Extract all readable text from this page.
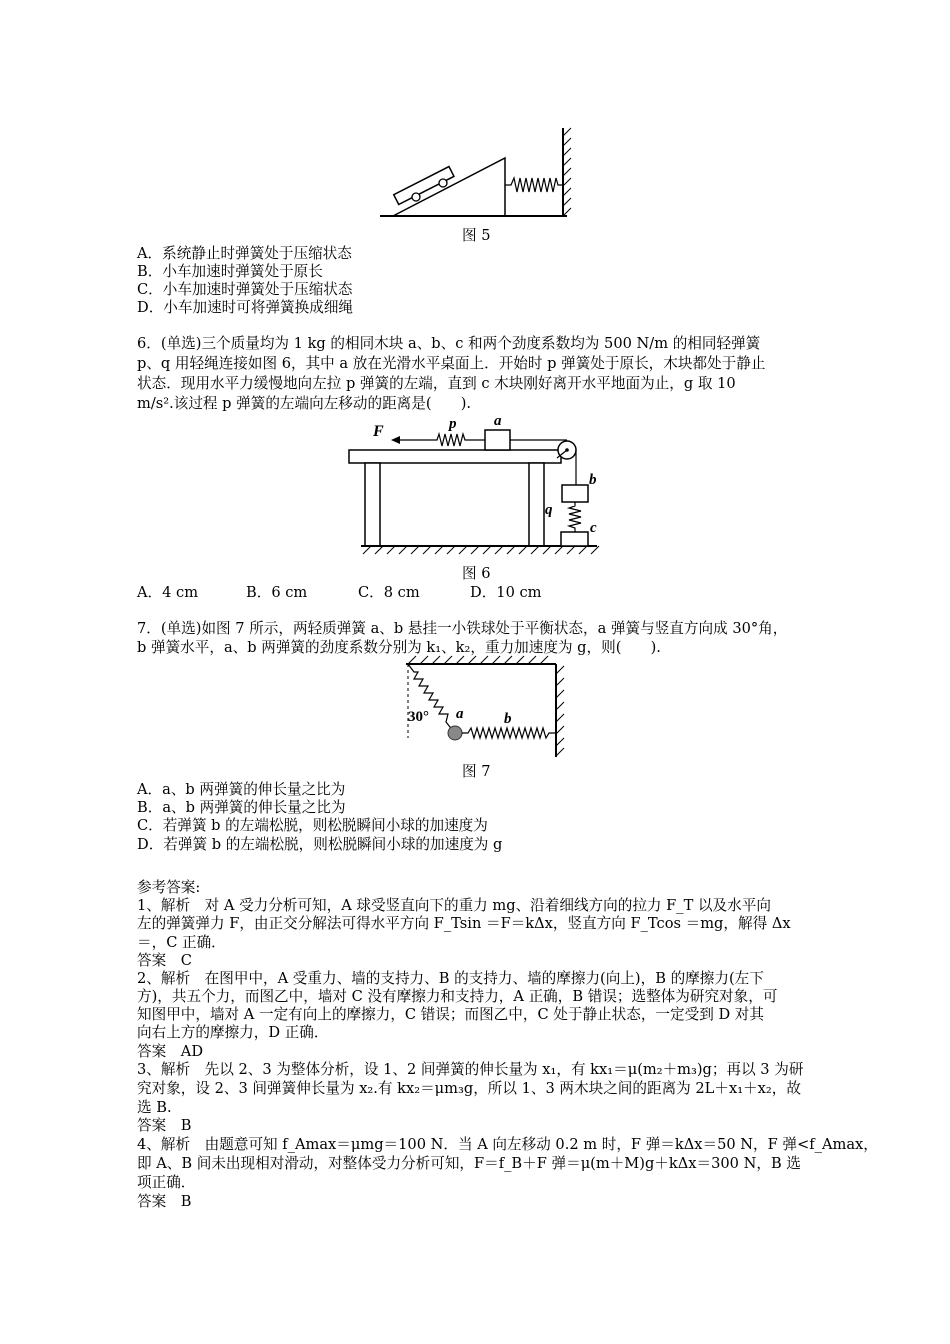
图 5
A．系统静止时弹簧处于压缩状态
B．小车加速时弹簧处于原长
C．小车加速时弹簧处于压缩状态
D．小车加速时可将弹簧换成细绳
6．(单选)三个质量均为 1 kg 的相同木块 a、b、c 和两个劲度系数均为 500 N/m 的相同轻弹簧
p、q 用轻绳连接如图 6，其中 a 放在光滑水平桌面上．开始时 p 弹簧处于原长，木块都处于静止
状态．现用水平力缓慢地向左拉 p 弹簧的左端，直到 c 木块刚好离开水平地面为止，g 取 10
m/s².该过程 p 弹簧的左端向左移动的距离是(　　).
F	p	a
b
q
c
图 6
A．4 cm	B．6 cm	C．8 cm	D．10 cm
7．(单选)如图 7 所示，两轻质弹簧 a、b 悬挂一小铁球处于平衡状态，a 弹簧与竖直方向成 30°角，
b 弹簧水平，a、b 两弹簧的劲度系数分别为 k₁、k₂，重力加速度为 g，则(　　).
30° a	b
图 7
A．a、b 两弹簧的伸长量之比为
B．a、b 两弹簧的伸长量之比为
C．若弹簧 b 的左端松脱，则松脱瞬间小球的加速度为
D．若弹簧 b 的左端松脱，则松脱瞬间小球的加速度为 g
参考答案:
1、解析　对 A 受力分析可知，A 球受竖直向下的重力 mg、沿着细线方向的拉力 F_T 以及水平向
左的弹簧弹力 F，由正交分解法可得水平方向 F_Tsin ＝F＝kΔx，竖直方向 F_Tcos ＝mg，解得 Δx
＝，C 正确．
答案　C
2、解析　在图甲中，A 受重力、墙的支持力、B 的支持力、墙的摩擦力(向上)，B 的摩擦力(左下
方)，共五个力，而图乙中，墙对 C 没有摩擦力和支持力，A 正确，B 错误；选整体为研究对象，可
知图甲中，墙对 A 一定有向上的摩擦力，C 错误；而图乙中，C 处于静止状态，一定受到 D 对其
向右上方的摩擦力，D 正确．
答案　AD
3、解析　先以 2、3 为整体分析，设 1、2 间弹簧的伸长量为 x₁，有 kx₁＝μ(m₂＋m₃)g；再以 3 为研
究对象，设 2、3 间弹簧伸长量为 x₂.有 kx₂＝μm₃g，所以 1、3 两木块之间的距离为 2L＋x₁＋x₂，故
选 B.
答案　B
4、解析　由题意可知 f_Amax＝μmg＝100 N．当 A 向左移动 0.2 m 时，F 弹＝kΔx＝50 N，F 弹<f_Amax，
即 A、B 间未出现相对滑动，对整体受力分析可知，F＝f_B＋F 弹＝μ(m＋M)g＋kΔx＝300 N，B 选
项正确．
答案　B
